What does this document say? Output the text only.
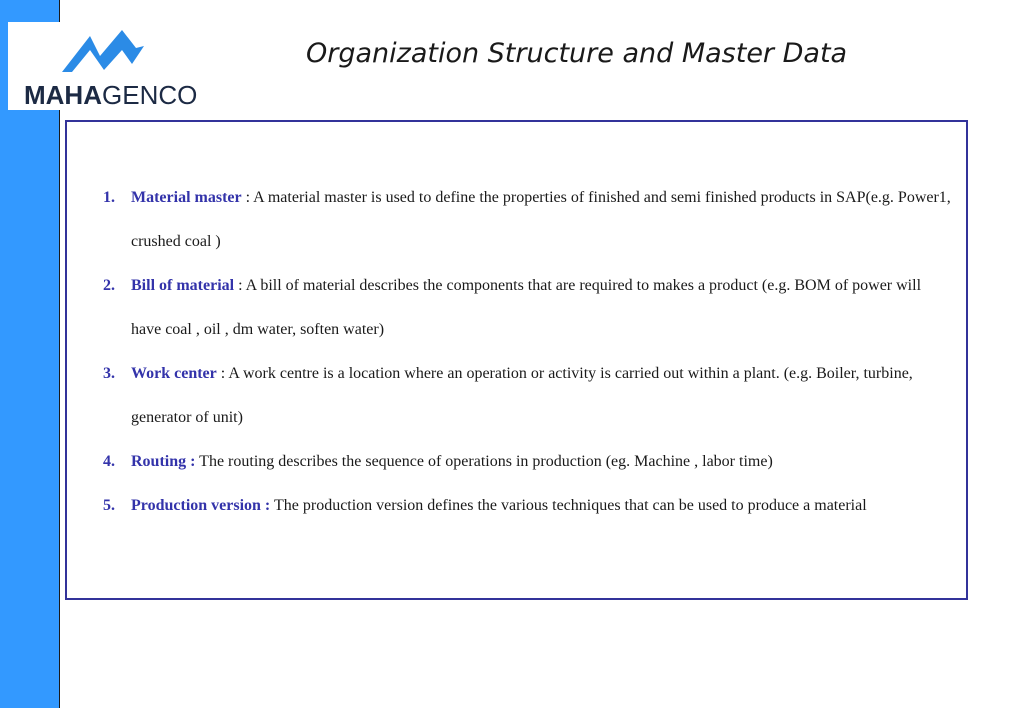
MAHAGENCO
Organization Structure and Master Data
1. Material master : A material master is used to define the properties of finished and semi finished products in SAP(e.g. Power1, crushed coal )
2. Bill of material : A bill of material describes the components that are required to makes a product (e.g. BOM of power will have coal , oil , dm water, soften water)
3. Work center : A work centre is a location where an operation or activity is carried out within a plant. (e.g. Boiler, turbine, generator of unit)
4. Routing : The routing describes the sequence of operations in production (eg. Machine , labor time)
5. Production version : The production version defines the various techniques that can be used to produce a material
